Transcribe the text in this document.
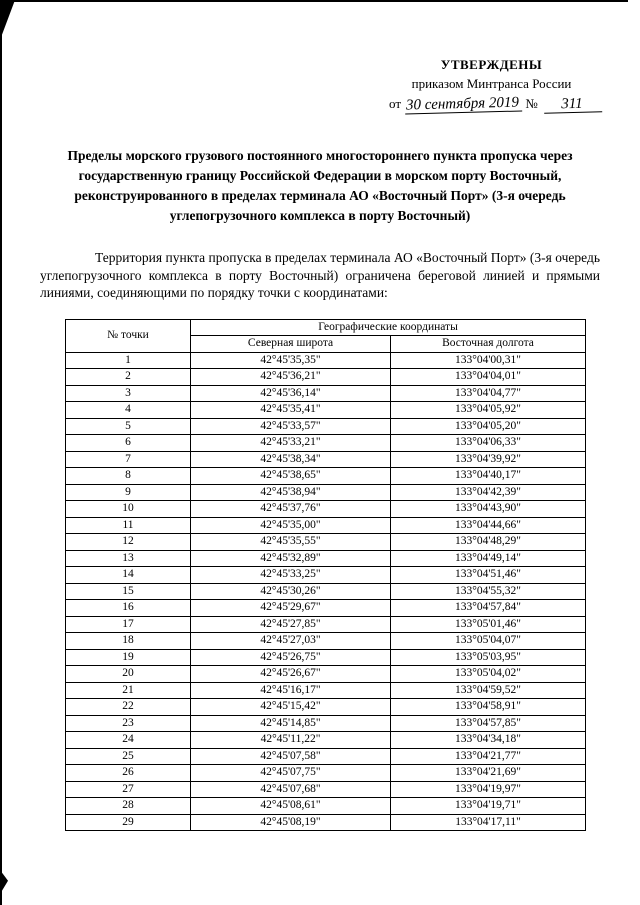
УТВЕРЖДЕНЫ
приказом Минтранса России
от 30 сентября 2019 № 311
Пределы морского грузового постоянного многостороннего пункта пропуска через государственную границу Российской Федерации в морском порту Восточный, реконструированного в пределах терминала АО «Восточный Порт» (3-я очередь углепогрузочного комплекса в порту Восточный)

Территория пункта пропуска в пределах терминала АО «Восточный Порт» (3-я очередь углепогрузочного комплекса в порту Восточный) ограничена береговой линией и прямыми линиями, соединяющими по порядку точки с координатами:

№ точки	Географические координаты	
	Северная широта	Восточная долгота
1	42°45'35,35"	133°04'00,31"
2	42°45'36,21"	133°04'04,01"
3	42°45'36,14"	133°04'04,77"
4	42°45'35,41"	133°04'05,92"
5	42°45'33,57"	133°04'05,20"
6	42°45'33,21"	133°04'06,33"
7	42°45'38,34"	133°04'39,92"
8	42°45'38,65"	133°04'40,17"
9	42°45'38,94"	133°04'42,39"
10	42°45'37,76"	133°04'43,90"
11	42°45'35,00"	133°04'44,66"
12	42°45'35,55"	133°04'48,29"
13	42°45'32,89"	133°04'49,14"
14	42°45'33,25"	133°04'51,46"
15	42°45'30,26"	133°04'55,32"
16	42°45'29,67"	133°04'57,84"
17	42°45'27,85"	133°05'01,46"
18	42°45'27,03"	133°05'04,07"
19	42°45'26,75"	133°05'03,95"
20	42°45'26,67"	133°05'04,02"
21	42°45'16,17"	133°04'59,52"
22	42°45'15,42"	133°04'58,91"
23	42°45'14,85"	133°04'57,85"
24	42°45'11,22"	133°04'34,18"
25	42°45'07,58"	133°04'21,77"
26	42°45'07,75"	133°04'21,69"
27	42°45'07,68"	133°04'19,97"
28	42°45'08,61"	133°04'19,71"
29	42°45'08,19"	133°04'17,11"
